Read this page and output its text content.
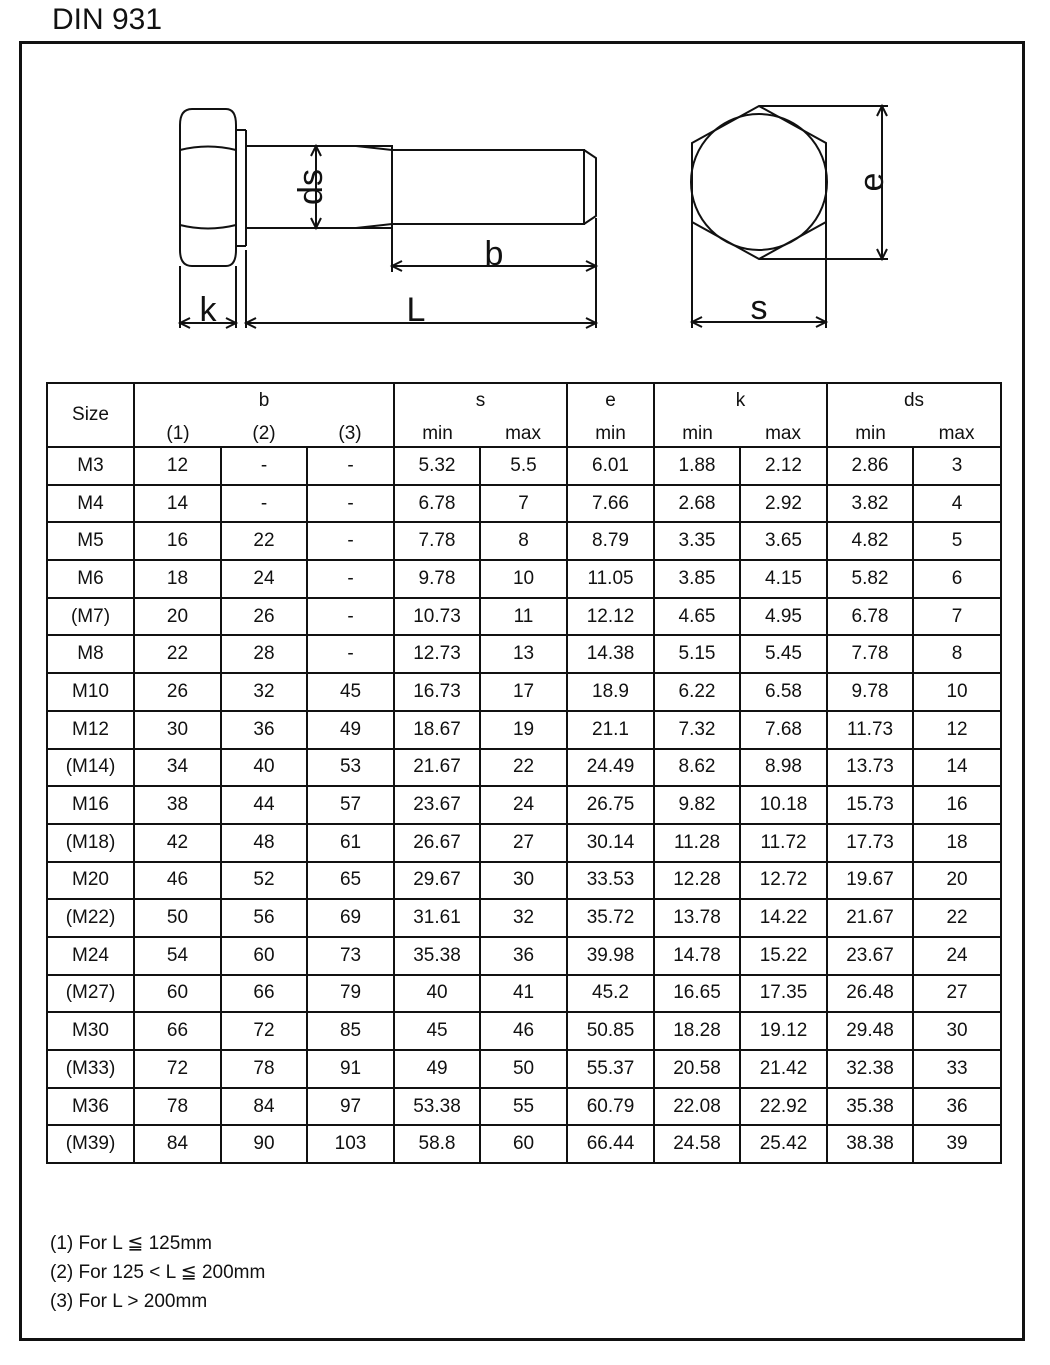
DIN 931
ds
b
k	L
e
s
Size	b			s		e	k		ds	
	(1)	(2)	(3)	min	max	min	min	max	min	max
M3	12	-	-	5.32	5.5	6.01	1.88	2.12	2.86	3
M4	14	-	-	6.78	7	7.66	2.68	2.92	3.82	4
M5	16	22	-	7.78	8	8.79	3.35	3.65	4.82	5
M6	18	24	-	9.78	10	11.05	3.85	4.15	5.82	6
(M7)	20	26	-	10.73	11	12.12	4.65	4.95	6.78	7
M8	22	28	-	12.73	13	14.38	5.15	5.45	7.78	8
M10	26	32	45	16.73	17	18.9	6.22	6.58	9.78	10
M12	30	36	49	18.67	19	21.1	7.32	7.68	11.73	12
(M14)	34	40	53	21.67	22	24.49	8.62	8.98	13.73	14
M16	38	44	57	23.67	24	26.75	9.82	10.18	15.73	16
(M18)	42	48	61	26.67	27	30.14	11.28	11.72	17.73	18
M20	46	52	65	29.67	30	33.53	12.28	12.72	19.67	20
(M22)	50	56	69	31.61	32	35.72	13.78	14.22	21.67	22
M24	54	60	73	35.38	36	39.98	14.78	15.22	23.67	24
(M27)	60	66	79	40	41	45.2	16.65	17.35	26.48	27
M30	66	72	85	45	46	50.85	18.28	19.12	29.48	30
(M33)	72	78	91	49	50	55.37	20.58	21.42	32.38	33
M36	78	84	97	53.38	55	60.79	22.08	22.92	35.38	36
(M39)	84	90	103	58.8	60	66.44	24.58	25.42	38.38	39
(1) For L ≦ 125mm
(2) For 125 < L ≦ 200mm
(3) For L > 200mm
